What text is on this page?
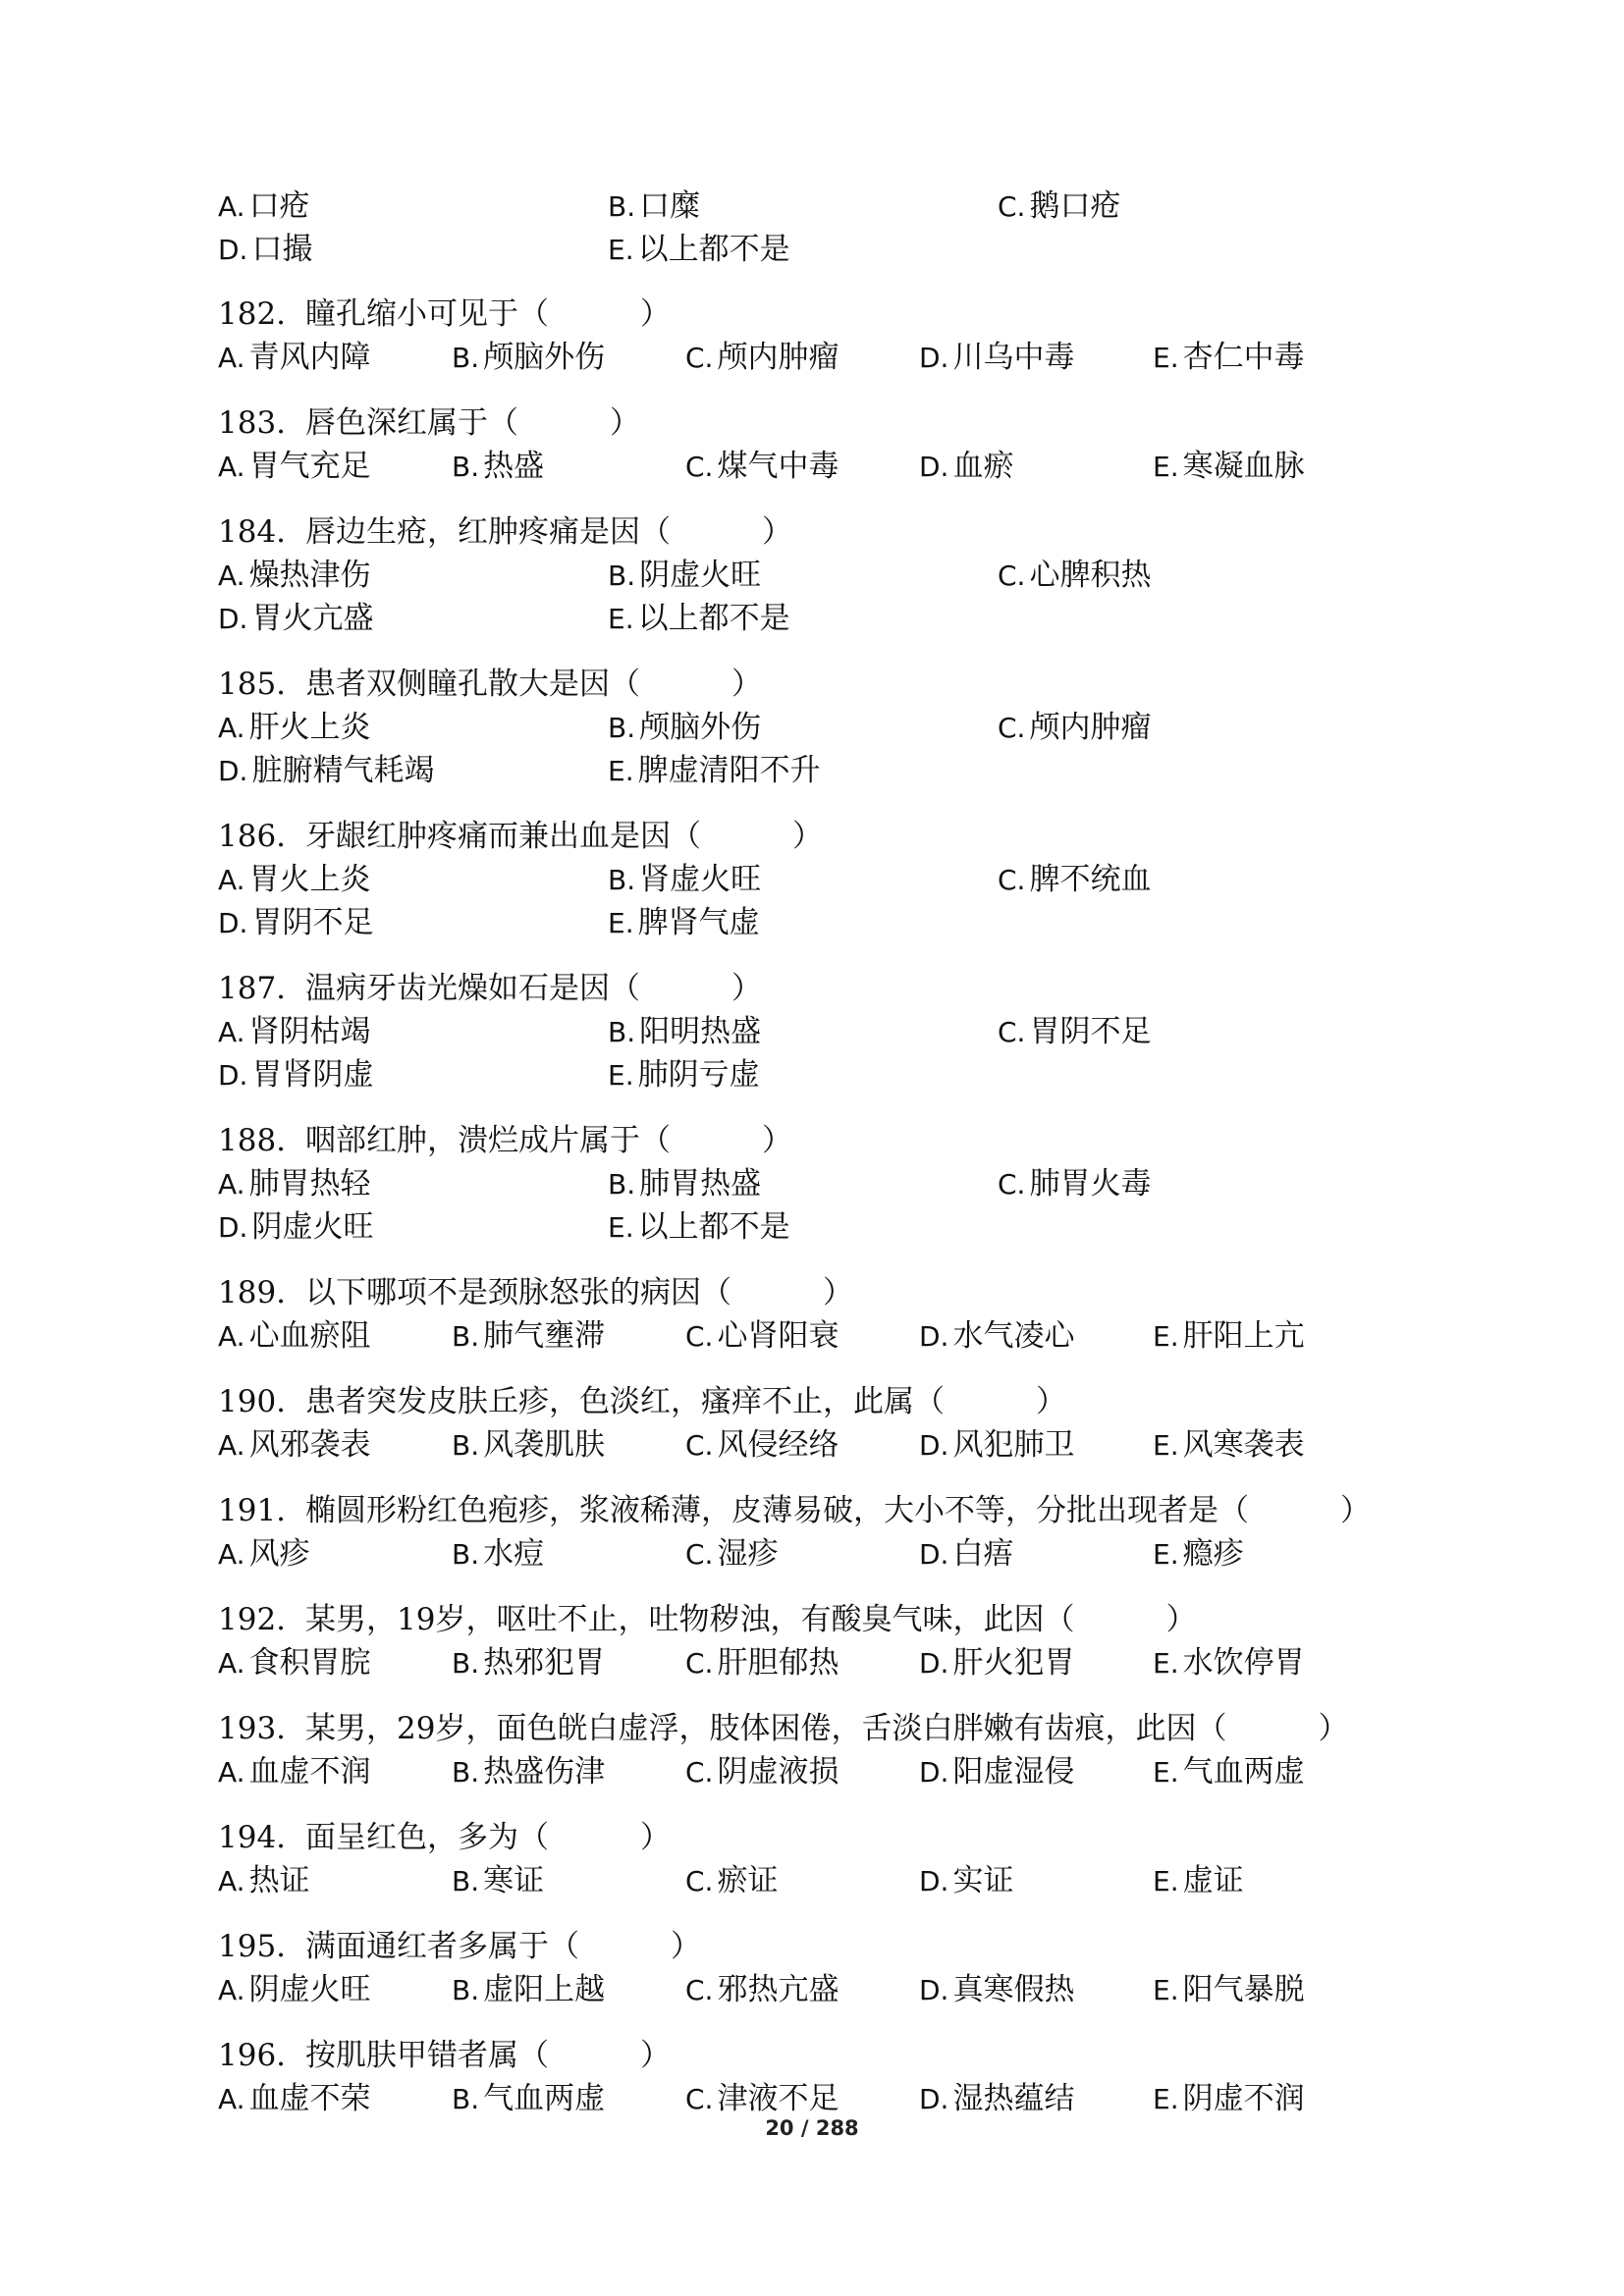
A. 口疮	B. 口糜	C. 鹅口疮
D. 口撮	E. 以上都不是
182. 瞳孔缩小可见于（　　　）
A. 青风内障	B. 颅脑外伤	C. 颅内肿瘤	D. 川乌中毒	E. 杏仁中毒
183. 唇色深红属于（　　　）
A. 胃气充足	B. 热盛	C. 煤气中毒	D. 血瘀	E. 寒凝血脉
184. 唇边生疮，红肿疼痛是因（　　　）
A. 燥热津伤	B. 阴虚火旺	C. 心脾积热
D. 胃火亢盛	E. 以上都不是
185. 患者双侧瞳孔散大是因（　　　）
A. 肝火上炎	B. 颅脑外伤	C. 颅内肿瘤
D. 脏腑精气耗竭	E. 脾虚清阳不升
186. 牙龈红肿疼痛而兼出血是因（　　　）
A. 胃火上炎	B. 肾虚火旺	C. 脾不统血
D. 胃阴不足	E. 脾肾气虚
187. 温病牙齿光燥如石是因（　　　）
A. 肾阴枯竭	B. 阳明热盛	C. 胃阴不足
D. 胃肾阴虚	E. 肺阴亏虚
188. 咽部红肿，溃烂成片属于（　　　）
A. 肺胃热轻	B. 肺胃热盛	C. 肺胃火毒
D. 阴虚火旺	E. 以上都不是
189. 以下哪项不是颈脉怒张的病因（　　　）
A. 心血瘀阻	B. 肺气壅滞	C. 心肾阳衰	D. 水气凌心	E. 肝阳上亢
190. 患者突发皮肤丘疹，色淡红，瘙痒不止，此属（　　　）
A. 风邪袭表	B. 风袭肌肤	C. 风侵经络	D. 风犯肺卫	E. 风寒袭表
191. 椭圆形粉红色疱疹，浆液稀薄，皮薄易破，大小不等，分批出现者是（　　　）
A. 风疹	B. 水痘	C. 湿疹	D. 白痦	E. 瘾疹
192. 某男，19岁，呕吐不止，吐物秽浊，有酸臭气味，此因（　　　）
A. 食积胃脘	B. 热邪犯胃	C. 肝胆郁热	D. 肝火犯胃	E. 水饮停胃
193. 某男，29岁，面色㿠白虚浮，肢体困倦，舌淡白胖嫩有齿痕，此因（　　　）
A. 血虚不润	B. 热盛伤津	C. 阴虚液损	D. 阳虚湿侵	E. 气血两虚
194. 面呈红色，多为（　　　）
A. 热证	B. 寒证	C. 瘀证	D. 实证	E. 虚证
195. 满面通红者多属于（　　　）
A. 阴虚火旺	B. 虚阳上越	C. 邪热亢盛	D. 真寒假热	E. 阳气暴脱
196. 按肌肤甲错者属（　　　）
A. 血虚不荣	B. 气血两虚	C. 津液不足	D. 湿热蕴结	E. 阴虚不润
20 / 288
